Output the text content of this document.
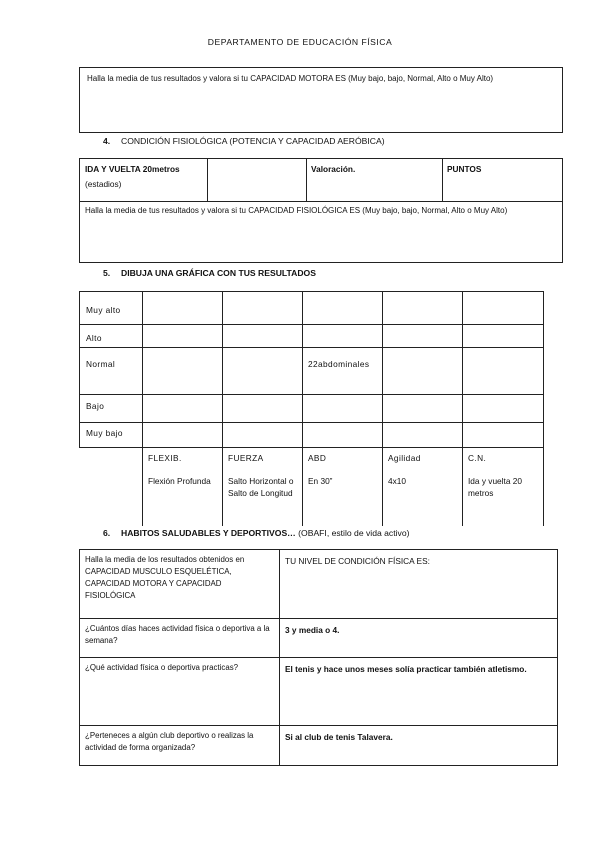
DEPARTAMENTO DE EDUCACIÓN FÍSICA
Halla la media de tus resultados y valora si tu CAPACIDAD MOTORA ES (Muy bajo, bajo, Normal, Alto o Muy Alto)
4. CONDICIÓN FISIOLÓGICA (POTENCIA Y CAPACIDAD AERÓBICA)
IDA Y VUELTA 20metros
(estadios)
Valoración.	PUNTOS
Halla la media de tus resultados y valora si tu CAPACIDAD FISIOLÓGICA ES (Muy bajo, bajo, Normal, Alto o Muy Alto)
5. DIBUJA UNA GRÁFICA CON TUS RESULTADOS
Muy alto
Alto
Normal
Bajo
Muy bajo
22abdominales
FLEXIB.
Flexión Profunda
FUERZA
Salto Horizontal o Salto de Longitud
ABD
En 30”
Agilidad
4x10
C.N.
Ida y vuelta 20 metros
6. HABITOS SALUDABLES Y DEPORTIVOS… (OBAFI, estilo de vida activo)
Halla la media de los resultados obtenidos en CAPACIDAD MUSCULO ESQUELÉTICA, CAPACIDAD MOTORA Y CAPACIDAD FISIOLÓGICA
TU NIVEL DE CONDICIÓN FÍSICA ES:
¿Cuántos días haces actividad física o deportiva a la semana?
3 y media o 4.
¿Qué actividad física o deportiva practicas?	El tenis y hace unos meses solía practicar también atletismo.
¿Perteneces a algún club deportivo o realizas la actividad de forma organizada?
Si al club de tenis Talavera.
